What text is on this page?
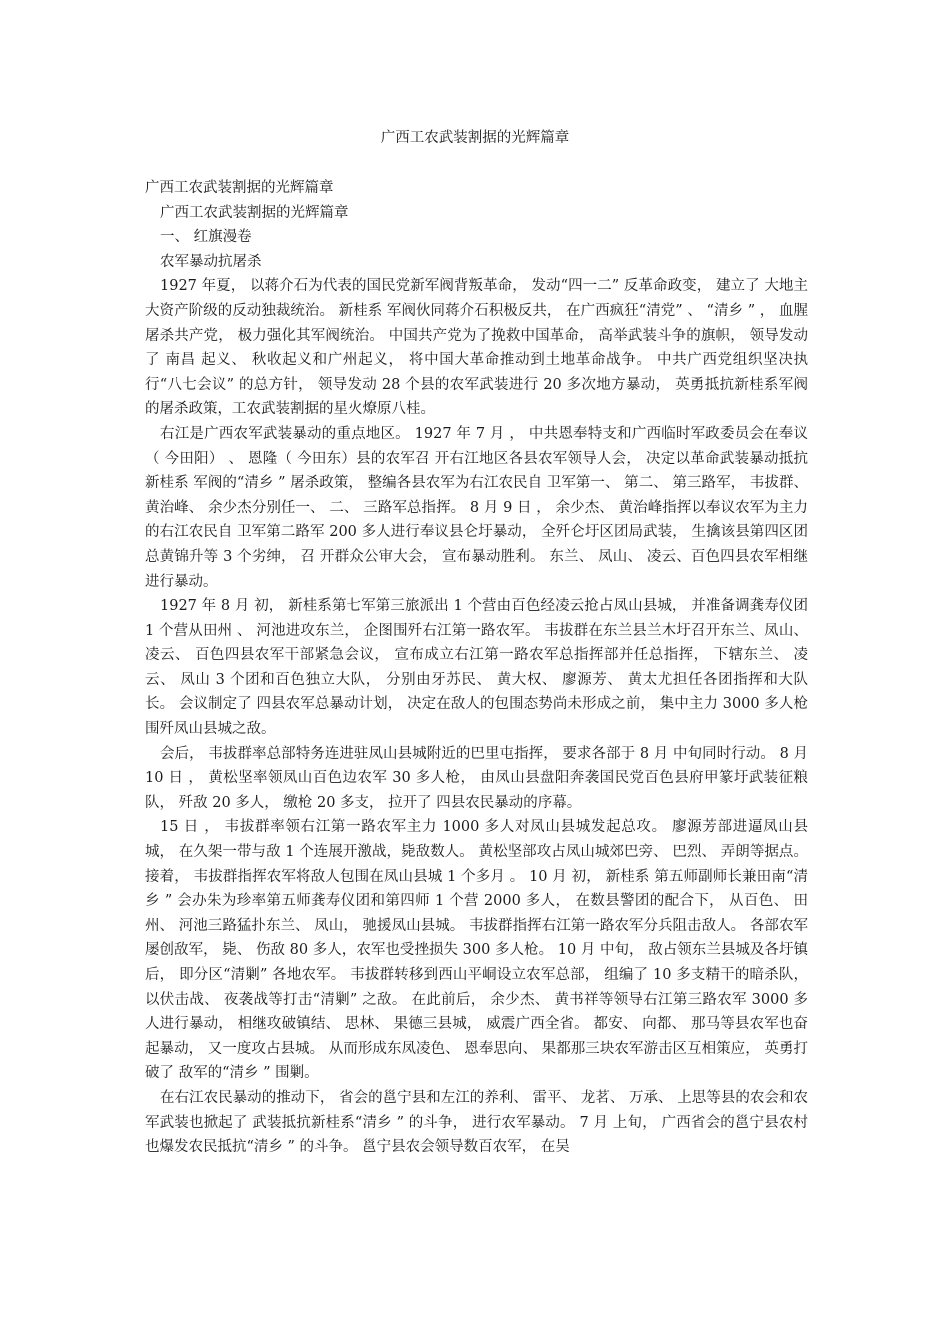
广西工农武装割据的光辉篇章

广西工农武装割据的光辉篇章

广西工农武装割据的光辉篇章

一、 红旗漫卷

农军暴动抗屠杀

1927 年夏， 以蒋介石为代表的国民党新军阀背叛革命， 发动“四一二” 反革命政变， 建立了 大地主大资产阶级的反动独裁统治。 新桂系 军阀伙同蒋介石积极反共， 在广西疯狂“清党” 、 “清乡 ” ， 血腥屠杀共产党， 极力强化其军阀统治。 中国共产党为了挽救中国革命， 高举武装斗争的旗帜， 领导发动了 南昌 起义、 秋收起义和广州起义， 将中国大革命推动到土地革命战争。 中共广西党组织坚决执行“八七会议” 的总方针， 领导发动 28 个县的农军武装进行 20 多次地方暴动， 英勇抵抗新桂系军阀的屠杀政策，工农武装割据的星火燎原八桂。

右江是广西农军武装暴动的重点地区。 1927 年 7 月 ， 中共恩奉特支和广西临时军政委员会在奉议（ 今田阳） 、 恩隆（ 今田东）县的农军召 开右江地区各县农军领导人会， 决定以革命武装暴动抵抗新桂系 军阀的“清乡 ” 屠杀政策， 整编各县农军为右江农民自 卫军第一、 第二、 第三路军， 韦拔群、 黄治峰、 余少杰分别任一、 二、 三路军总指挥。 8 月 9 日 ， 余少杰、 黄治峰指挥以奉议农军为主力的右江农民自 卫军第二路军 200 多人进行奉议县仑圩暴动， 全歼仑圩区团局武装， 生擒该县第四区团总黄锦升等 3 个劣绅， 召 开群众公审大会， 宣布暴动胜利。 东兰、 凤山、 凌云、百色四县农军相继进行暴动。

1927 年 8 月 初， 新桂系第七军第三旅派出 1 个营由百色经凌云抢占凤山县城， 并准备调龚寿仪团 1 个营从田州 、 河池进攻东兰， 企图围歼右江第一路农军。 韦拔群在东兰县兰木圩召开东兰、凤山、 凌云、 百色四县农军干部紧急会议， 宣布成立右江第一路农军总指挥部并任总指挥， 下辖东兰、 凌云、 凤山 3 个团和百色独立大队， 分别由牙苏民、 黄大权、 廖源芳、 黄太尤担任各团指挥和大队长。 会议制定了 四县农军总暴动计划， 决定在敌人的包围态势尚未形成之前， 集中主力 3000 多人枪围歼凤山县城之敌。

会后， 韦拔群率总部特务连进驻凤山县城附近的巴里屯指挥， 要求各部于 8 月 中旬同时行动。 8 月 10 日 ， 黄松坚率领凤山百色边农军 30 多人枪， 由凤山县盘阳奔袭国民党百色县府甲篆圩武装征粮队， 歼敌 20 多人， 缴枪 20 多支， 拉开了 四县农民暴动的序幕。

15 日 ， 韦拔群率领右江第一路农军主力 1000 多人对凤山县城发起总攻。 廖源芳部进逼凤山县城， 在久架一带与敌 1 个连展开激战，毙敌数人。 黄松坚部攻占凤山城郊巴旁、 巴烈、 弄朗等据点。 接着， 韦拔群指挥农军将敌人包围在凤山县城 1 个多月 。 10 月 初， 新桂系 第五师副师长兼田南“清乡 ” 会办朱为珍率第五师龚寿仪团和第四师 1 个营 2000 多人， 在数县警团的配合下， 从百色、 田州、 河池三路猛扑东兰、 凤山， 驰援凤山县城。 韦拔群指挥右江第一路农军分兵阻击敌人。 各部农军屡创敌军， 毙、 伤敌 80 多人，农军也受挫损失 300 多人枪。 10 月 中旬， 敌占领东兰县城及各圩镇后， 即分区“清剿” 各地农军。 韦拔群转移到西山平峒设立农军总部， 组编了 10 多支精干的暗杀队， 以伏击战、 夜袭战等打击“清剿” 之敌。 在此前后， 余少杰、 黄书祥等领导右江第三路农军 3000 多人进行暴动， 相继攻破镇结、 思林、 果德三县城， 威震广西全省。 都安、 向都、 那马等县农军也奋起暴动， 又一度攻占县城。 从而形成东凤凌色、 恩奉思向、 果都那三块农军游击区互相策应， 英勇打破了 敌军的“清乡 ” 围剿。

在右江农民暴动的推动下， 省会的邕宁县和左江的养利、 雷平、 龙茗、 万承、 上思等县的农会和农军武装也掀起了 武装抵抗新桂系“清乡 ” 的斗争， 进行农军暴动。 7 月 上旬， 广西省会的邕宁县农村也爆发农民抵抗“清乡 ” 的斗争。 邕宁县农会领导数百农军， 在吴
